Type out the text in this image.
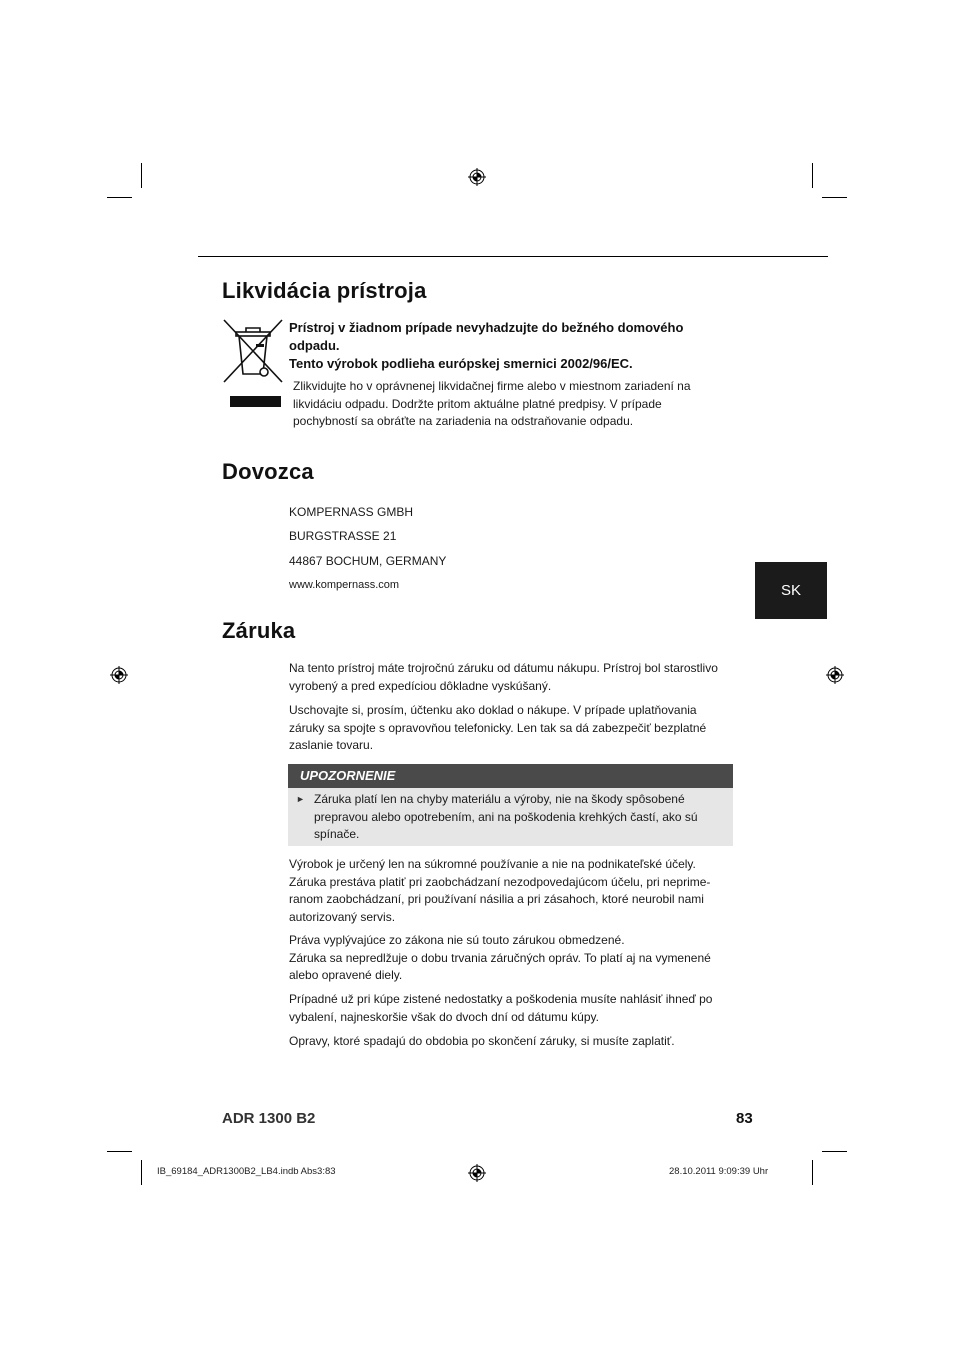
Likvidácia prístroja
Prístroj v žiadnom prípade nevyhadzujte do bežného domového
odpadu.
Tento výrobok podlieha európskej smernici 2002/96/EC.
Zlikvidujte ho v oprávnenej likvidačnej firme alebo v miestnom zariadení na
likvidáciu odpadu. Dodržte pritom aktuálne platné predpisy. V prípade
pochybností sa obráťte na zariadenia na odstraňovanie odpadu.
Dovozca
KOMPERNASS GMBH
BURGSTRASSE 21
44867 BOCHUM, GERMANY
www.kompernass.com	SK
Záruka
Na tento prístroj máte trojročnú záruku od dátumu nákupu. Prístroj bol starostlivo
vyrobený a pred expedíciou dôkladne vyskúšaný.
Uschovajte si, prosím, účtenku ako doklad o nákupe. V prípade uplatňovania
záruky sa spojte s opravovňou telefonicky. Len tak sa dá zabezpečiť bezplatné
zaslanie tovaru.
UPOZORNENIE
► Záruka platí len na chyby materiálu a výroby, nie na škody spôsobené
prepravou alebo opotrebením, ani na poškodenia krehkých častí, ako sú
spínače.
Výrobok je určený len na súkromné používanie a nie na podnikateľské účely.
Záruka prestáva platiť pri zaobchádzaní nezodpovedajúcom účelu, pri neprime-
ranom zaobchádzaní, pri používaní násilia a pri zásahoch, ktoré neurobil nami
autorizovaný servis.
Práva vyplývajúce zo zákona nie sú touto zárukou obmedzené.
Záruka sa nepredlžuje o dobu trvania záručných opráv. To platí aj na vymenené
alebo opravené diely.
Prípadné už pri kúpe zistené nedostatky a poškodenia musíte nahlásiť ihneď po
vybalení, najneskoršie však do dvoch dní od dátumu kúpy.
Opravy, ktoré spadajú do obdobia po skončení záruky, si musíte zaplatiť.
ADR 1300 B2	83
IB_69184_ADR1300B2_LB4.indb Abs3:83	28.10.2011 9:09:39 Uhr
